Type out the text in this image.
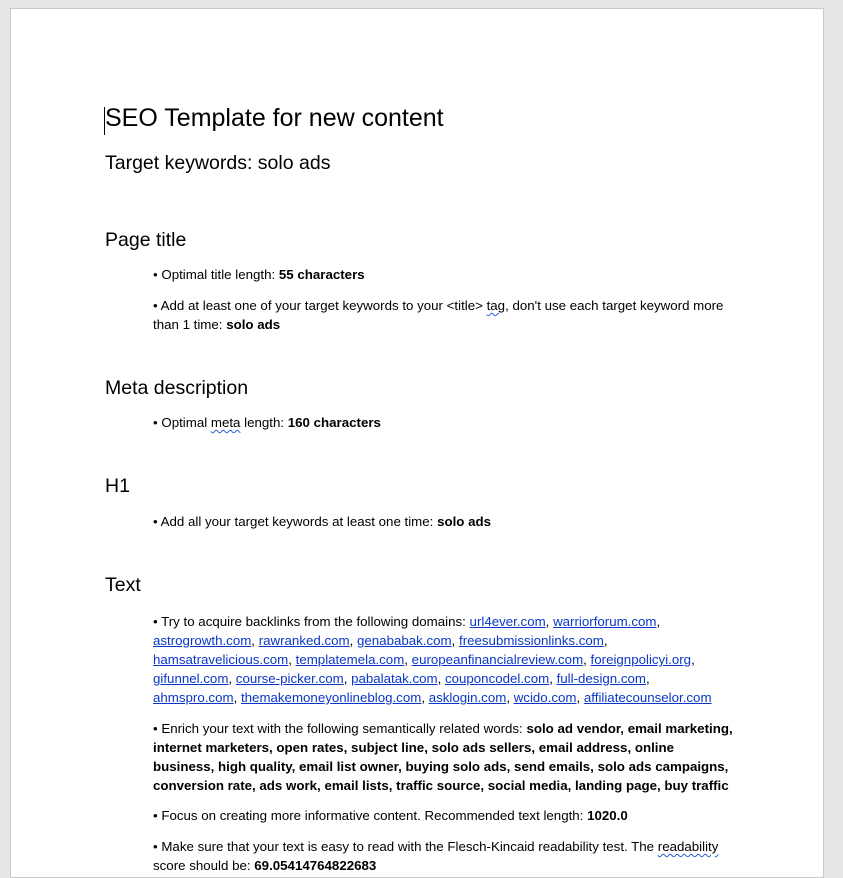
SEO Template for new content
Target keywords: solo ads
Page title
• Optimal title length: 55 characters
• Add at least one of your target keywords to your <title> tag, don't use each target keyword more than 1 time: solo ads
Meta description
• Optimal meta length: 160 characters
H1
• Add all your target keywords at least one time: solo ads
Text
• Try to acquire backlinks from the following domains: url4ever.com, warriorforum.com, astrogrowth.com, rawranked.com, genababak.com, freesubmissionlinks.com, hamsatravelicious.com, templatemela.com, europeanfinancialreview.com, foreignpolicyi.org, gifunnel.com, course-picker.com, pabalatak.com, couponcodel.com, full-design.com, ahmspro.com, themakemoneyonlineblog.com, asklogin.com, wcido.com, affiliatecounselor.com
• Enrich your text with the following semantically related words: solo ad vendor, email marketing, internet marketers, open rates, subject line, solo ads sellers, email address, online business, high quality, email list owner, buying solo ads, send emails, solo ads campaigns, conversion rate, ads work, email lists, traffic source, social media, landing page, buy traffic
• Focus on creating more informative content. Recommended text length: 1020.0
• Make sure that your text is easy to read with the Flesch-Kincaid readability test. The readability score should be: 69.05414764822683
